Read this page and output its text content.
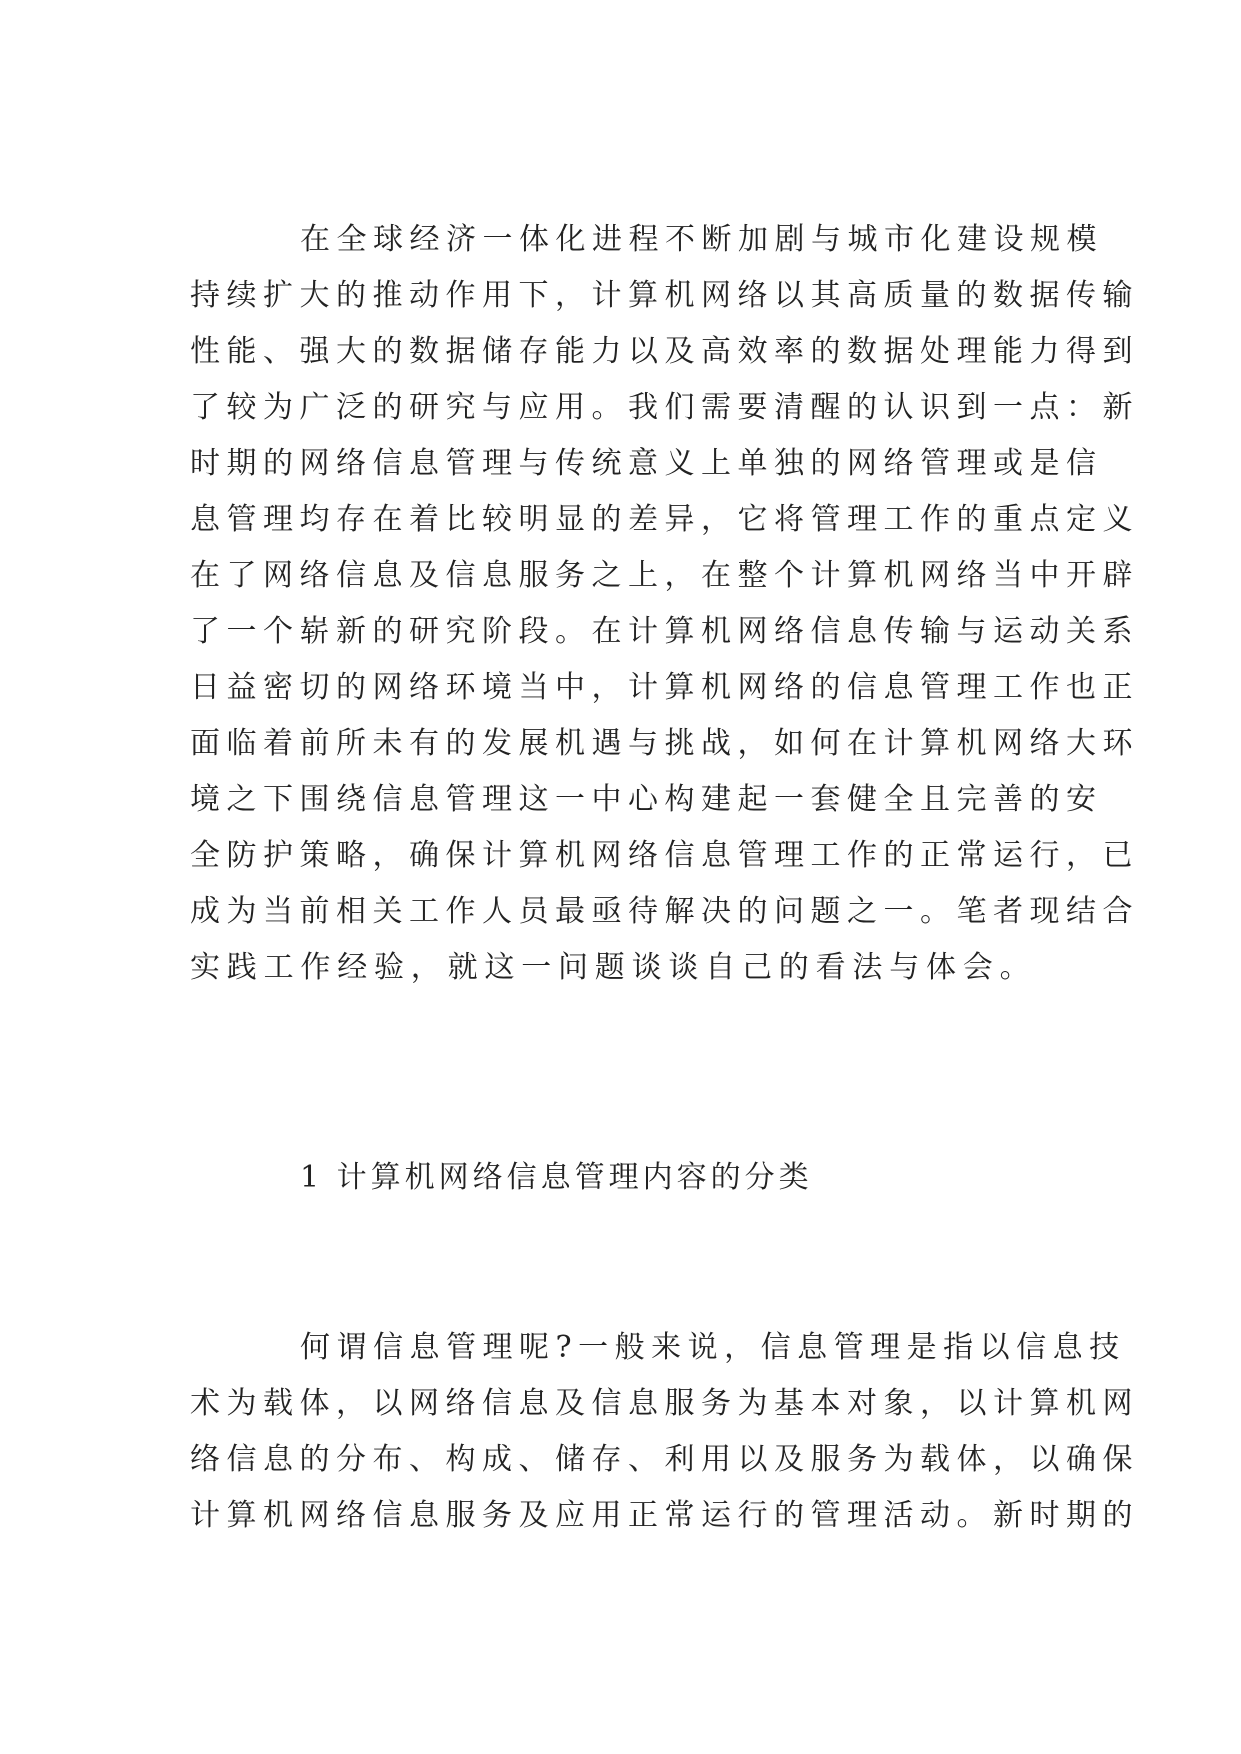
在全球经济一体化进程不断加剧与城市化建设规模
持续扩大的推动作用下，计算机网络以其高质量的数据传输
性能、强大的数据储存能力以及高效率的数据处理能力得到
了较为广泛的研究与应用。我们需要清醒的认识到一点：新
时期的网络信息管理与传统意义上单独的网络管理或是信
息管理均存在着比较明显的差异，它将管理工作的重点定义
在了网络信息及信息服务之上，在整个计算机网络当中开辟
了一个崭新的研究阶段。在计算机网络信息传输与运动关系
日益密切的网络环境当中，计算机网络的信息管理工作也正
面临着前所未有的发展机遇与挑战，如何在计算机网络大环
境之下围绕信息管理这一中心构建起一套健全且完善的安
全防护策略，确保计算机网络信息管理工作的正常运行，已
成为当前相关工作人员最亟待解决的问题之一。笔者现结合
实践工作经验，就这一问题谈谈自己的看法与体会。
1 计算机网络信息管理内容的分类
何谓信息管理呢?一般来说，信息管理是指以信息技
术为载体，以网络信息及信息服务为基本对象，以计算机网
络信息的分布、构成、储存、利用以及服务为载体，以确保
计算机网络信息服务及应用正常运行的管理活动。新时期的
